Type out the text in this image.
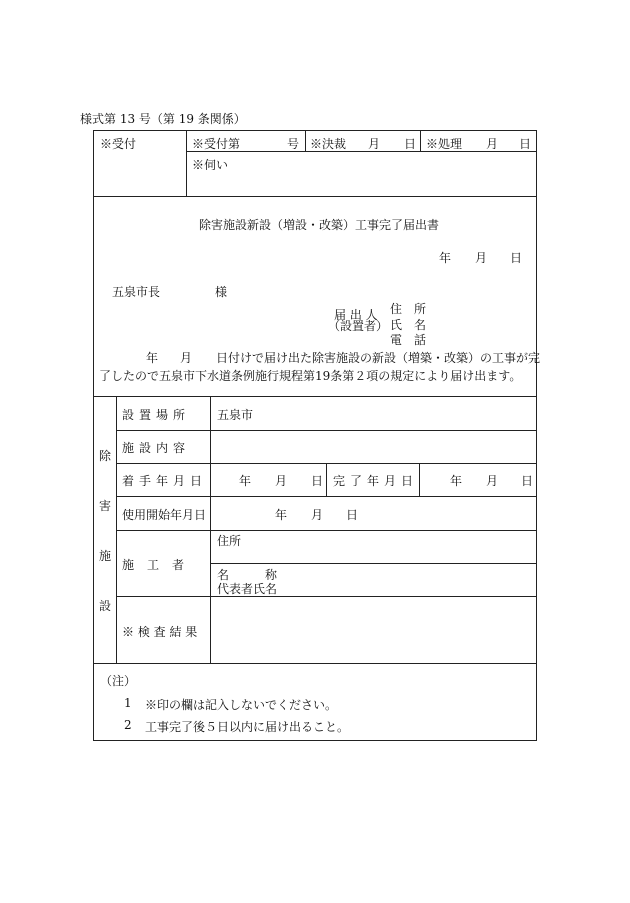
様式第 13 号（第 19 条関係）
※受付	※受付第	号 ※決裁 月 日 ※処理 月 日
※伺い
除害施設新設（増設・改築）工事完了届出書
年 月 日
五泉市長	様
届 出 人
（設置者）
住　所
氏　名
電　話
年 月 日付けで届け出た除害施設の新設（増築・改築）の工事が完
了したので五泉市下水道条例施行規程第19条第２項の規定により届け出ます。
除
害
施
設
設置場所 五泉市
施設内容
着手年月日	年 月 日 完了年月日	年 月 日
使用開始年月日	年 月 日
施工者
住所
名　　　称
代表者氏名
※ 検 査 結 果
（注）
1 ※印の欄は記入しないでください。
2 工事完了後５日以内に届け出ること。
